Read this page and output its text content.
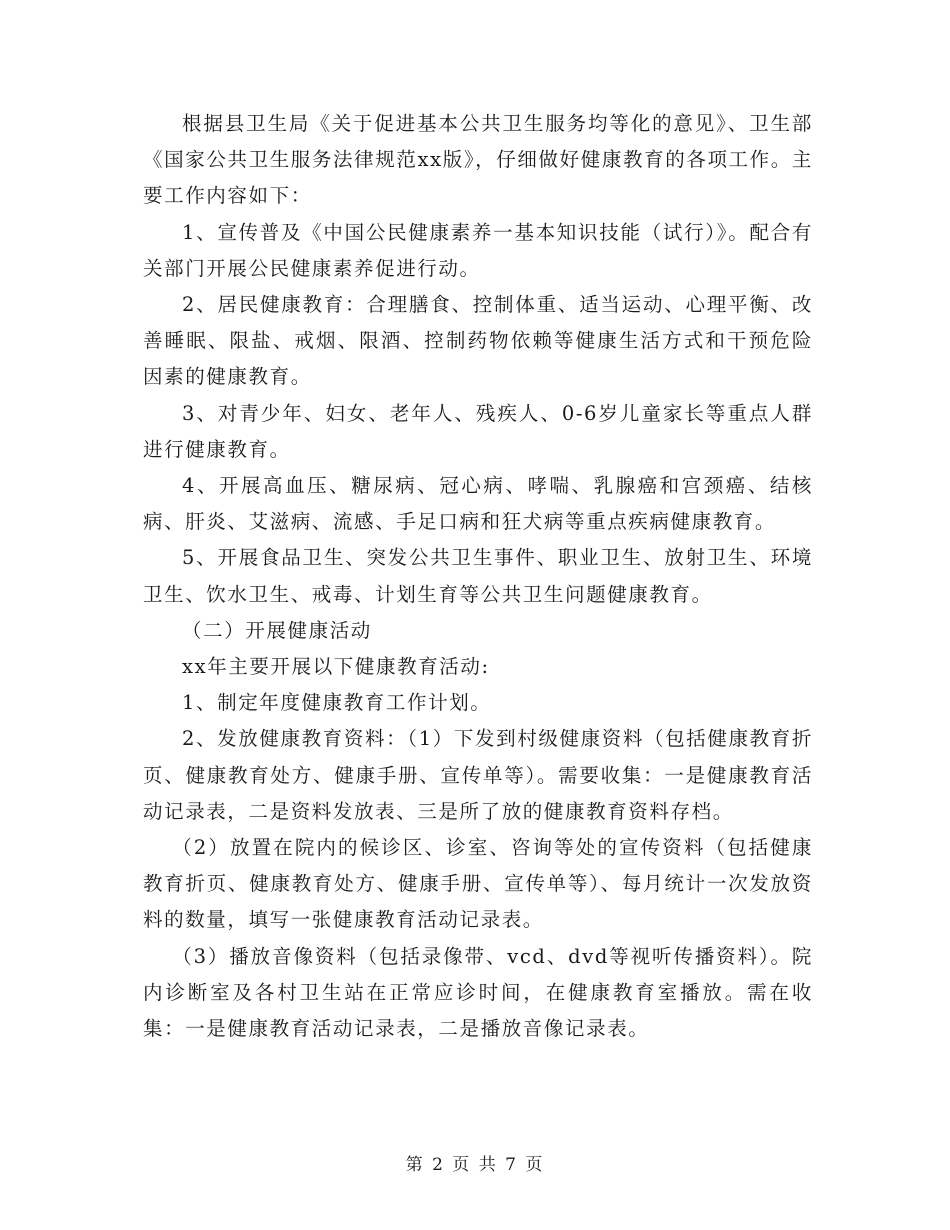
根据县卫生局《关于促进基本公共卫生服务均等化的意见》、卫生部《国家公共卫生服务法律规范xx版》，仔细做好健康教育的各项工作。主要工作内容如下：

1、宣传普及《中国公民健康素养一基本知识技能（试行）》。配合有关部门开展公民健康素养促进行动。

2、居民健康教育：合理膳食、控制体重、适当运动、心理平衡、改善睡眠、限盐、戒烟、限酒、控制药物依赖等健康生活方式和干预危险因素的健康教育。

3、对青少年、妇女、老年人、残疾人、0-6岁儿童家长等重点人群进行健康教育。

4、开展高血压、糖尿病、冠心病、哮喘、乳腺癌和宫颈癌、结核病、肝炎、艾滋病、流感、手足口病和狂犬病等重点疾病健康教育。

5、开展食品卫生、突发公共卫生事件、职业卫生、放射卫生、环境卫生、饮水卫生、戒毒、计划生育等公共卫生问题健康教育。

（二）开展健康活动

xx年主要开展以下健康教育活动:

1、制定年度健康教育工作计划。

2、发放健康教育资料：（1）下发到村级健康资料（包括健康教育折页、健康教育处方、健康手册、宣传单等）。需要收集：一是健康教育活动记录表，二是资料发放表、三是所了放的健康教育资料存档。

（2）放置在院内的候诊区、诊室、咨询等处的宣传资料（包括健康教育折页、健康教育处方、健康手册、宣传单等）、每月统计一次发放资料的数量，填写一张健康教育活动记录表。

（3）播放音像资料（包括录像带、vcd、dvd等视听传播资料）。院内诊断室及各村卫生站在正常应诊时间，在健康教育室播放。需在收集：一是健康教育活动记录表，二是播放音像记录表。

第 2 页 共 7 页
